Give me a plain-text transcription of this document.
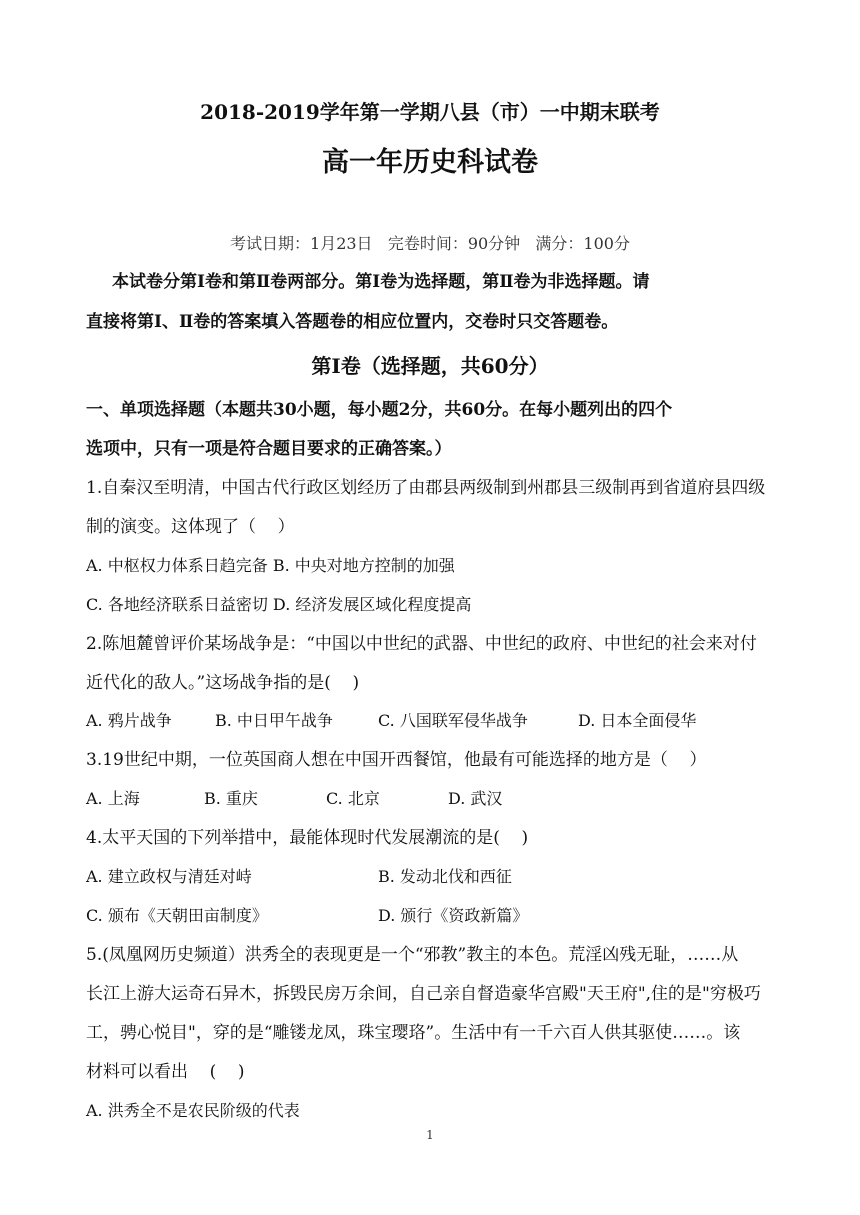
2018-2019学年第一学期八县（市）一中期末联考
高一年历史科试卷
考试日期：1月23日   完卷时间：90分钟   满分：100分
本试卷分第Ⅰ卷和第Ⅱ卷两部分。第Ⅰ卷为选择题，第Ⅱ卷为非选择题。请
直接将第Ⅰ、Ⅱ卷的答案填入答题卷的相应位置内，交卷时只交答题卷。
第Ⅰ卷（选择题，共60分）
一、单项选择题（本题共30小题，每小题2分，共60分。在每小题列出的四个
选项中，只有一项是符合题目要求的正确答案。）
1.自秦汉至明清，中国古代行政区划经历了由郡县两级制到州郡县三级制再到省道府县四级
制的演变。这体现了（    ）
A. 中枢权力体系日趋完备 B. 中央对地方控制的加强
C. 各地经济联系日益密切 D. 经济发展区域化程度提高
2.陈旭麓曾评价某场战争是：“中国以中世纪的武器、中世纪的政府、中世纪的社会来对付
近代化的敌人。”这场战争指的是(    )
A. 鸦片战争	B. 中日甲午战争	C. 八国联军侵华战争	D. 日本全面侵华
3.19世纪中期，一位英国商人想在中国开西餐馆，他最有可能选择的地方是（    ）
A. 上海	B. 重庆	C. 北京	D. 武汉
4.太平天国的下列举措中，最能体现时代发展潮流的是(    )
A. 建立政权与清廷对峙	B. 发动北伐和西征
C. 颁布《天朝田亩制度》	D. 颁行《资政新篇》
5.(凤凰网历史频道）洪秀全的表现更是一个“邪教”教主的本色。荒淫凶残无耻，……从
长江上游大运奇石异木，拆毁民房万余间，自己亲自督造豪华宫殿"天王府",住的是"穷极巧
工，骋心悦目"，穿的是“雕镂龙凤，珠宝璎珞”。生活中有一千六百人供其驱使……。该
材料可以看出    (    )
A. 洪秀全不是农民阶级的代表
1
